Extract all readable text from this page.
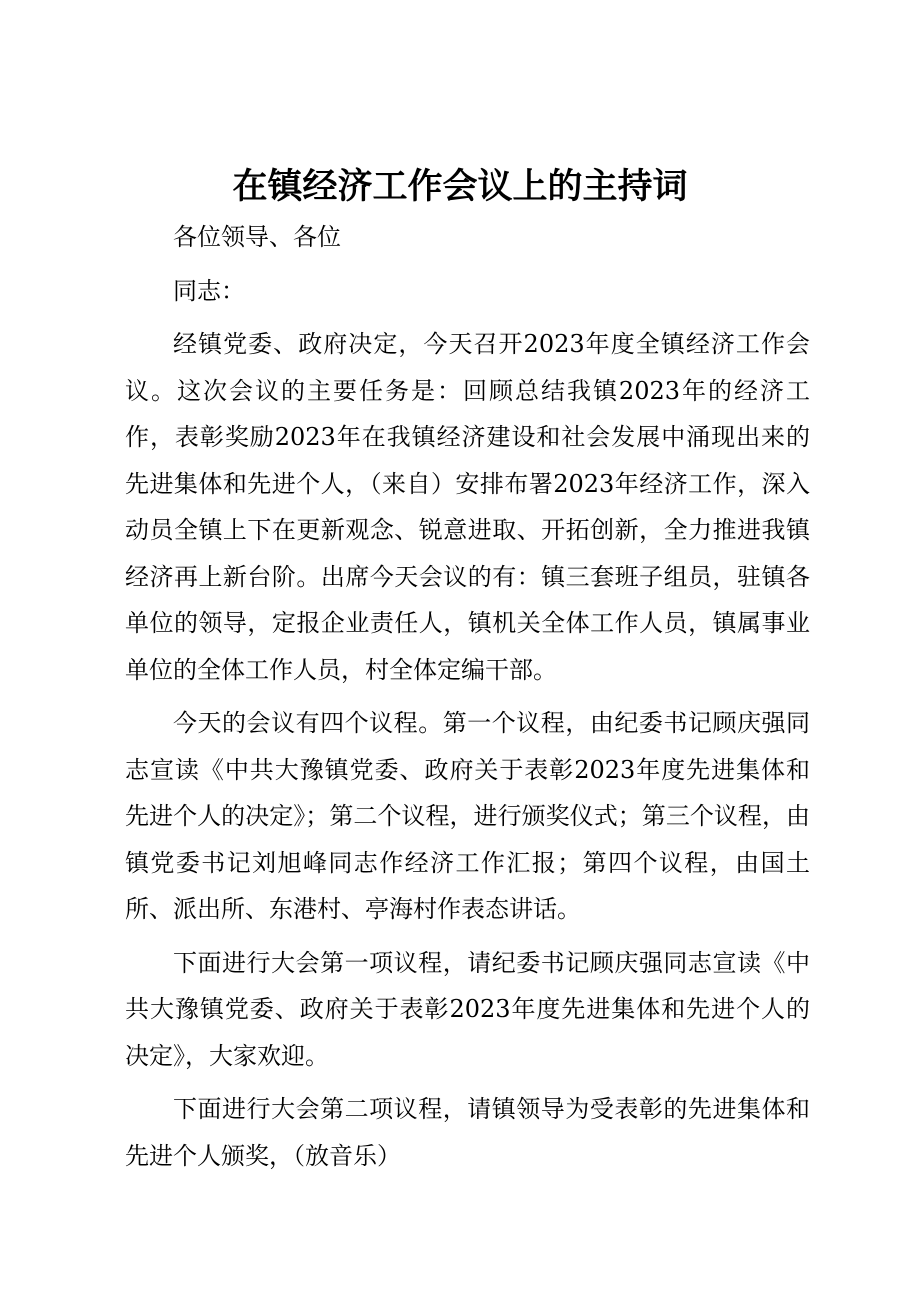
在镇经济工作会议上的主持词

各位领导、各位

同志：

经镇党委、政府决定，今天召开2023年度全镇经济工作会议。这次会议的主要任务是：回顾总结我镇2023年的经济工作，表彰奖励2023年在我镇经济建设和社会发展中涌现出来的先进集体和先进个人，（来自）安排布署2023年经济工作，深入动员全镇上下在更新观念、锐意进取、开拓创新，全力推进我镇经济再上新台阶。出席今天会议的有：镇三套班子组员，驻镇各单位的领导，定报企业责任人，镇机关全体工作人员，镇属事业单位的全体工作人员，村全体定编干部。

今天的会议有四个议程。第一个议程，由纪委书记顾庆强同志宣读《中共大豫镇党委、政府关于表彰2023年度先进集体和先进个人的决定》；第二个议程，进行颁奖仪式；第三个议程，由镇党委书记刘旭峰同志作经济工作汇报；第四个议程，由国土所、派出所、东港村、亭海村作表态讲话。

下面进行大会第一项议程，请纪委书记顾庆强同志宣读《中共大豫镇党委、政府关于表彰2023年度先进集体和先进个人的决定》，大家欢迎。

下面进行大会第二项议程，请镇领导为受表彰的先进集体和先进个人颁奖，（放音乐）
